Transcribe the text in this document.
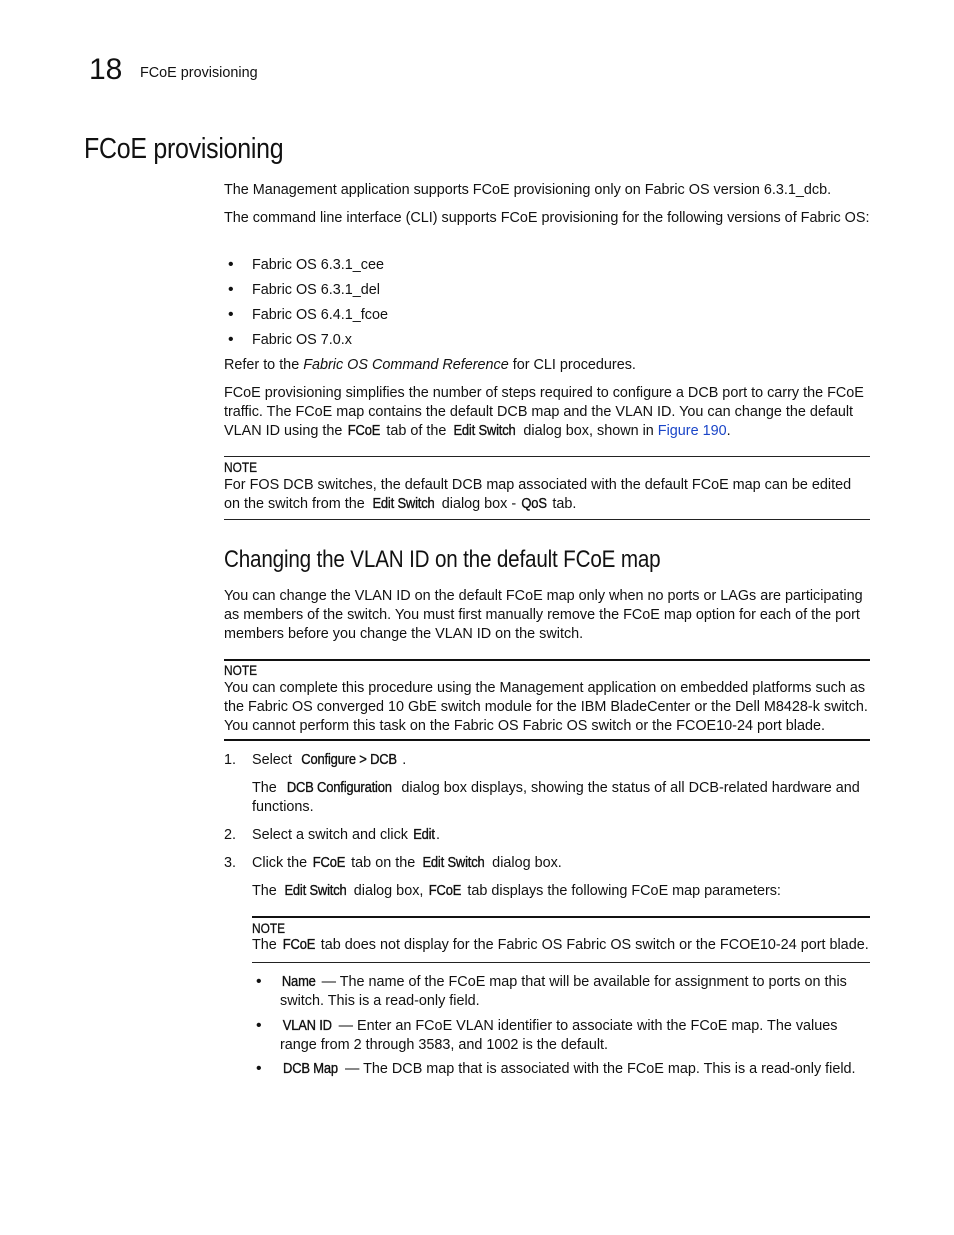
18 FCoE provisioning
FCoE provisioning
The Management application supports FCoE provisioning only on Fabric OS version 6.3.1_dcb.
The command line interface (CLI) supports FCoE provisioning for the following versions of Fabric OS:
• Fabric OS 6.3.1_cee
• Fabric OS 6.3.1_del
• Fabric OS 6.4.1_fcoe
• Fabric OS 7.0.x
Refer to the Fabric OS Command Reference for CLI procedures.
FCoE provisioning simplifies the number of steps required to configure a DCB port to carry the FCoE traffic. The FCoE map contains the default DCB map and the VLAN ID. You can change the default VLAN ID using the FCoE tab of the Edit Switch dialog box, shown in Figure 190.
NOTE
For FOS DCB switches, the default DCB map associated with the default FCoE map can be edited on the switch from the Edit Switch dialog box - QoS tab.
Changing the VLAN ID on the default FCoE map
You can change the VLAN ID on the default FCoE map only when no ports or LAGs are participating as members of the switch. You must first manually remove the FCoE map option for each of the port members before you change the VLAN ID on the switch.
NOTE
You can complete this procedure using the Management application on embedded platforms such as the Fabric OS converged 10 GbE switch module for the IBM BladeCenter or the Dell M8428-k switch. You cannot perform this task on the Fabric OS Fabric OS switch or the FCOE10-24 port blade.
1. Select Configure > DCB .
The DCB Configuration dialog box displays, showing the status of all DCB-related hardware and functions.
2. Select a switch and click Edit.
3. Click the FCoE tab on the Edit Switch dialog box.
The Edit Switch dialog box, FCoE tab displays the following FCoE map parameters:
NOTE
The FCoE tab does not display for the Fabric OS Fabric OS switch or the FCOE10-24 port blade.
• Name — The name of the FCoE map that will be available for assignment to ports on this switch. This is a read-only field.
• VLAN ID — Enter an FCoE VLAN identifier to associate with the FCoE map. The values range from 2 through 3583, and 1002 is the default.
• DCB Map — The DCB map that is associated with the FCoE map. This is a read-only field.
